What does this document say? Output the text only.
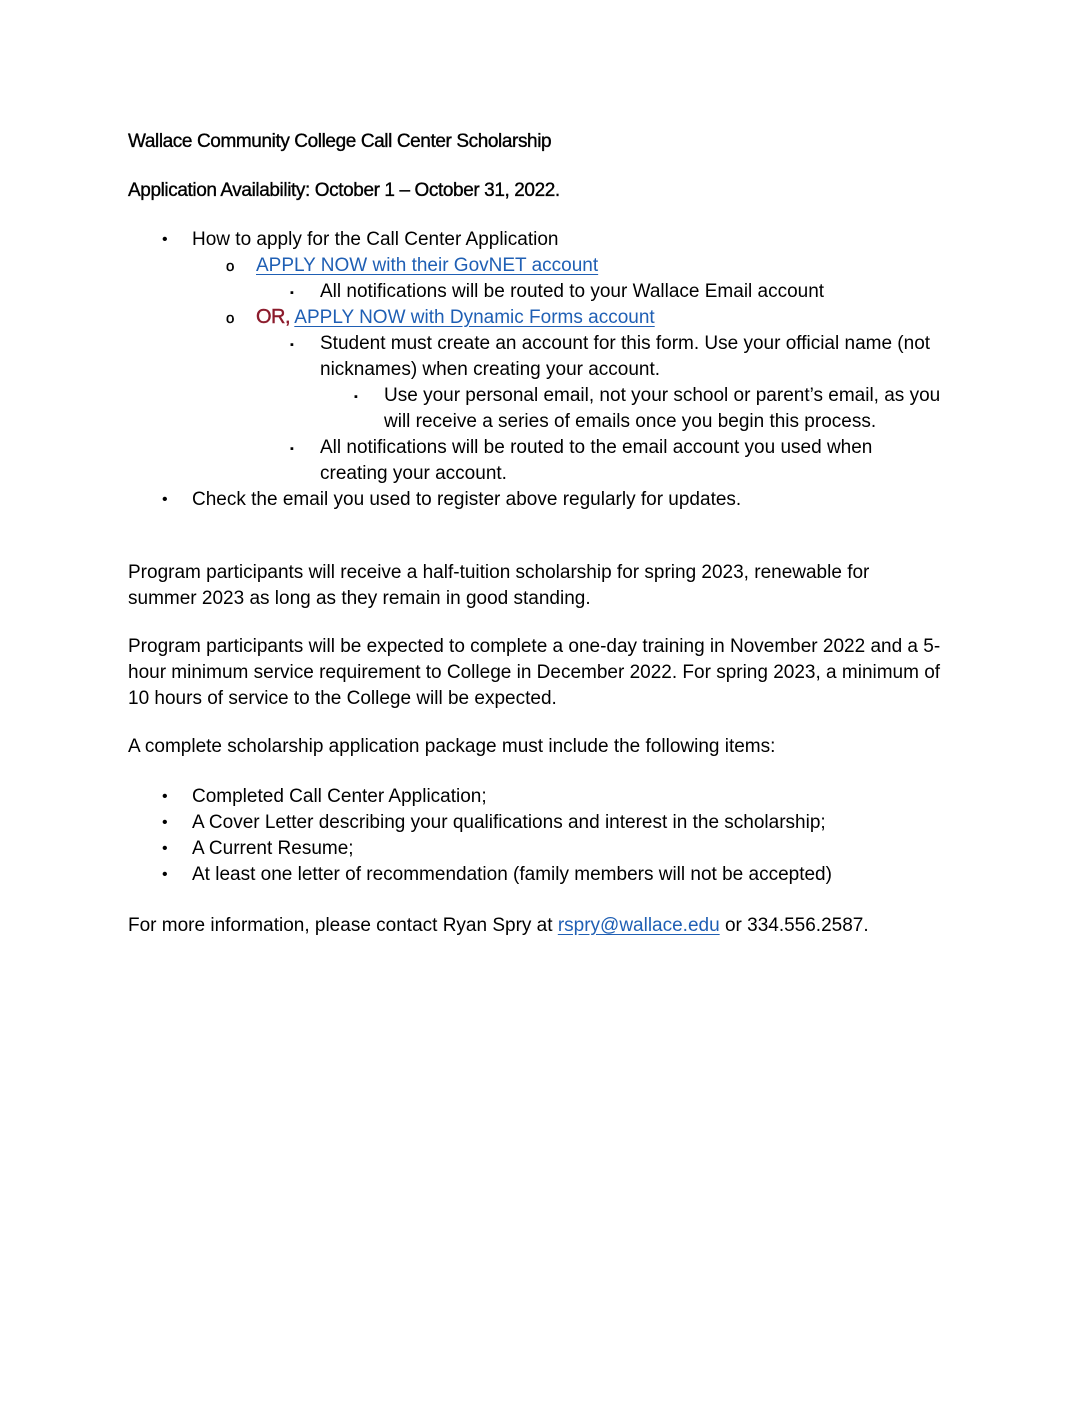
Wallace Community College Call Center Scholarship
Application Availability: October 1 – October 31, 2022.
•
How to apply for the Call Center Application
o
APPLY NOW with their GovNET account
▪
All notifications will be routed to your Wallace Email account
o
OR, APPLY NOW with Dynamic Forms account
▪
Student must create an account for this form. Use your official name (not
nicknames) when creating your account.
▪
Use your personal email, not your school or parent’s email, as you
will receive a series of emails once you begin this process.
▪
All notifications will be routed to the email account you used when
creating your account.
•
Check the email you used to register above regularly for updates.
Program participants will receive a half-tuition scholarship for spring 2023, renewable for
summer 2023 as long as they remain in good standing.
Program participants will be expected to complete a one-day training in November 2022 and a 5-
hour minimum service requirement to College in December 2022. For spring 2023, a minimum of
10 hours of service to the College will be expected.
A complete scholarship application package must include the following items:
•
Completed Call Center Application;
•
A Cover Letter describing your qualifications and interest in the scholarship;
•
A Current Resume;
•
At least one letter of recommendation (family members will not be accepted)
For more information, please contact Ryan Spry at rspry@wallace.edu or 334.556.2587.
